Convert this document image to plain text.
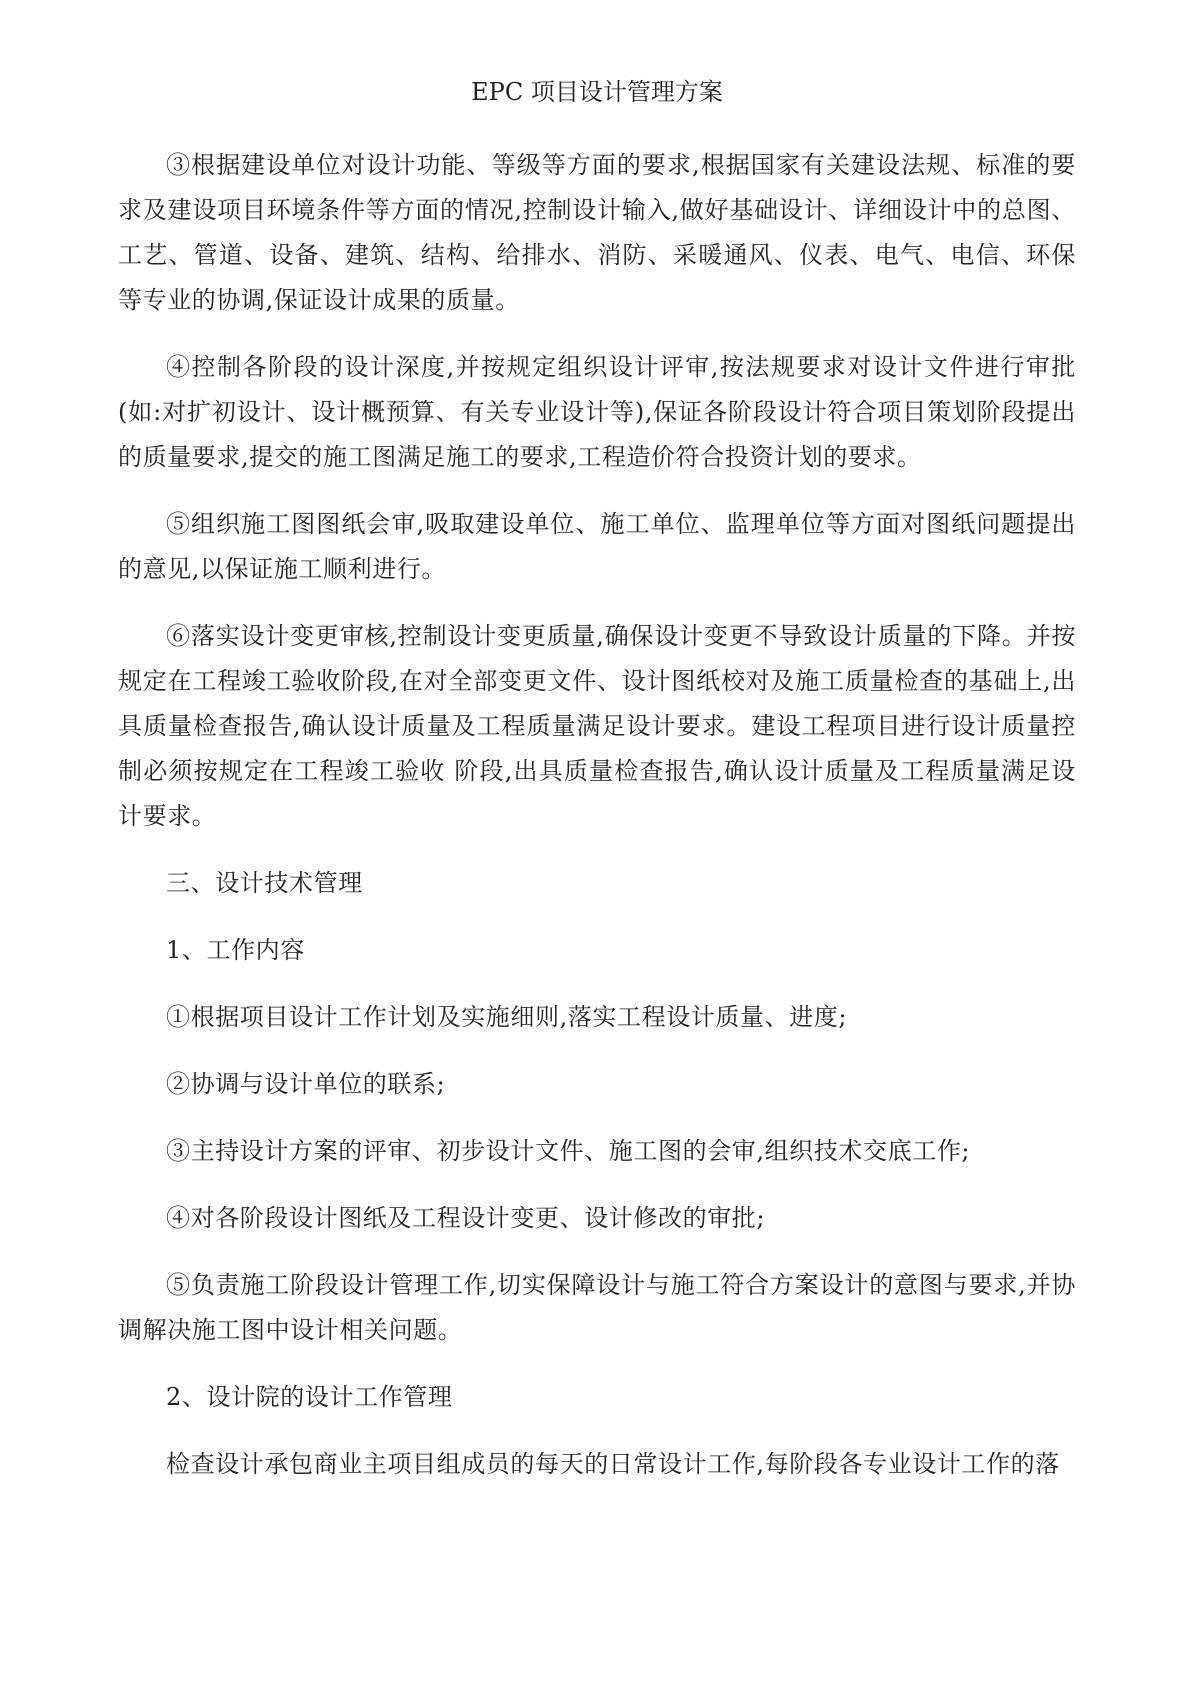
EPC 项目设计管理方案

③根据建设单位对设计功能、等级等方面的要求,根据国家有关建设法规、标准的要求及建设项目环境条件等方面的情况,控制设计输入,做好基础设计、详细设计中的总图、工艺、管道、设备、建筑、结构、给排水、消防、采暖通风、仪表、电气、电信、环保等专业的协调,保证设计成果的质量。

④控制各阶段的设计深度,并按规定组织设计评审,按法规要求对设计文件进行审批(如:对扩初设计、设计概预算、有关专业设计等),保证各阶段设计符合项目策划阶段提出的质量要求,提交的施工图满足施工的要求,工程造价符合投资计划的要求。

⑤组织施工图图纸会审,吸取建设单位、施工单位、监理单位等方面对图纸问题提出的意见,以保证施工顺利进行。

⑥落实设计变更审核,控制设计变更质量,确保设计变更不导致设计质量的下降。并按规定在工程竣工验收阶段,在对全部变更文件、设计图纸校对及施工质量检查的基础上,出具质量检查报告,确认设计质量及工程质量满足设计要求。建设工程项目进行设计质量控制必须按规定在工程竣工验收 阶段,出具质量检查报告,确认设计质量及工程质量满足设计要求。

三、设计技术管理

1、工作内容

①根据项目设计工作计划及实施细则,落实工程设计质量、进度;

②协调与设计单位的联系;

③主持设计方案的评审、初步设计文件、施工图的会审,组织技术交底工作;

④对各阶段设计图纸及工程设计变更、设计修改的审批;

⑤负责施工阶段设计管理工作,切实保障设计与施工符合方案设计的意图与要求,并协调解决施工图中设计相关问题。

2、设计院的设计工作管理

检查设计承包商业主项目组成员的每天的日常设计工作,每阶段各专业设计工作的落
